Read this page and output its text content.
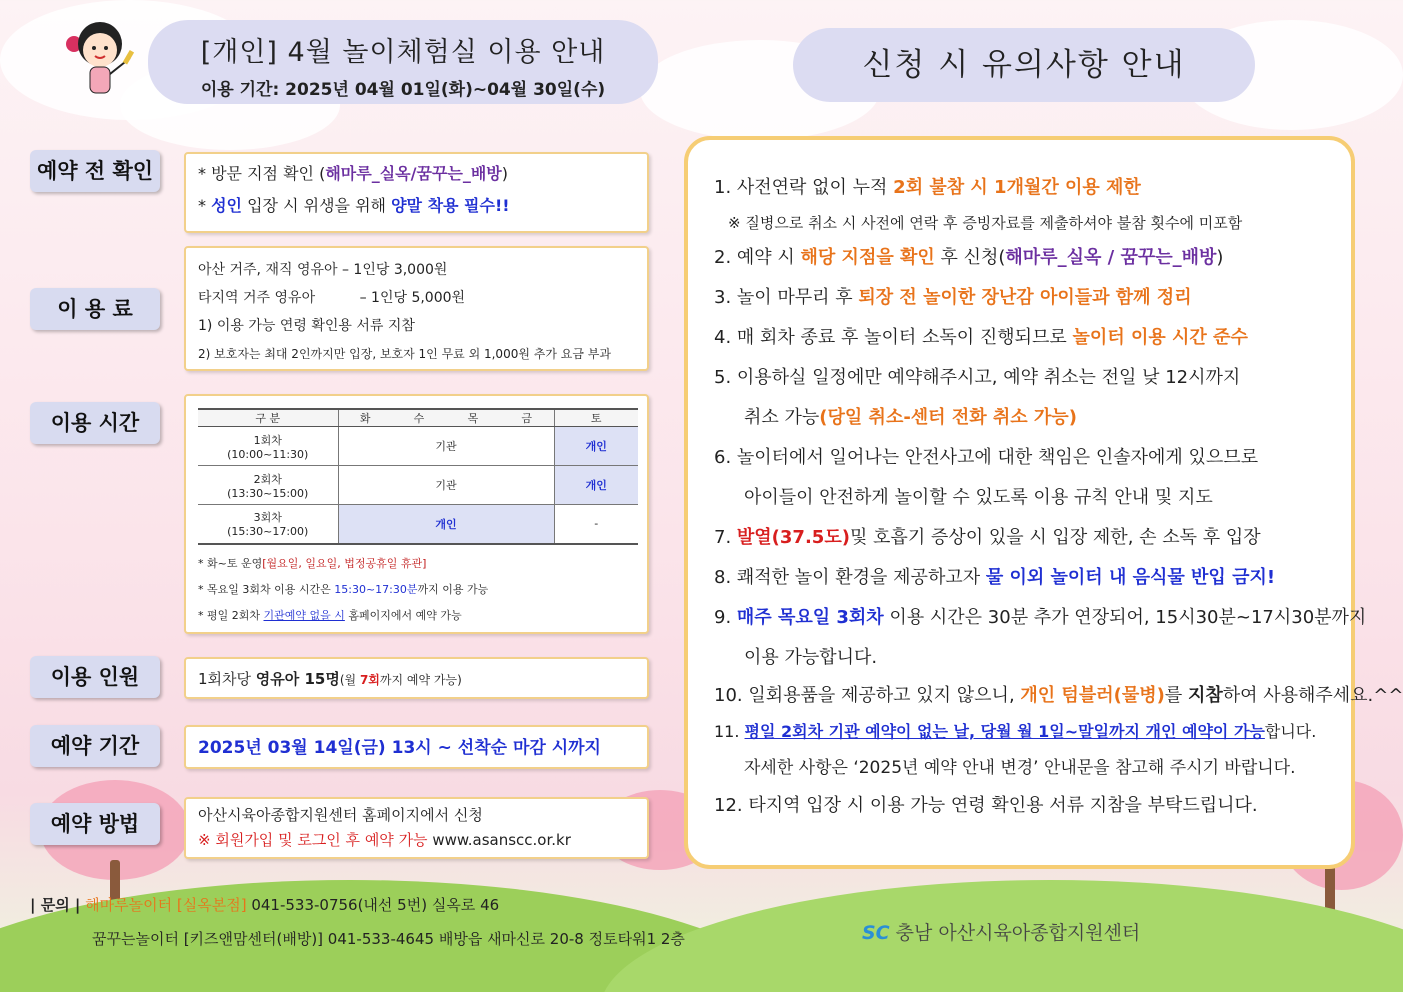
[개인] 4월 놀이체험실 이용 안내
이용 기간: 2025년 04월 01일(화)~04월 30일(수)
신청 시 유의사항 안내
예약 전 확인	* 방문 지점 확인 (해마루_실옥/꿈꾸는_배방)
* 성인 입장 시 위생을 위해 양말 착용 필수!!
이 용 료
아산 거주, 재직 영유아 – 1인당 3,000원
타지역 거주 영유아          – 1인당 5,000원
1) 이용 가능 연령 확인용 서류 지참
2) 보호자는 최대 2인까지만 입장, 보호자 1인 무료 외 1,000원 추가 요금 부과
이용 시간	구 분	화	수	목	금	토

1회차
(10:00~11:30)	기관				개인

2회차
(13:30~15:00)	기관				개인

3회차
(15:30~17:00)	개인				-
* 화~토 운영[월요일, 일요일, 법정공휴일 휴관]
* 목요일 3회차 이용 시간은 15:30~17:30분까지 이용 가능
* 평일 2회차 기관예약 없을 시 홈페이지에서 예약 가능
이용 인원	1회차당 영유아 15명(월 7회까지 예약 가능)
예약 기간	2025년 03월 14일(금) 13시 ~ 선착순 마감 시까지
예약 방법	아산시육아종합지원센터 홈페이지에서 신청
※ 회원가입 및 로그인 후 예약 가능 www.asanscc.or.kr
1. 사전연락 없이 누적 2회 불참 시 1개월간 이용 제한
※ 질병으로 취소 시 사전에 연락 후 증빙자료를 제출하셔야 불참 횟수에 미포함
2. 예약 시 해당 지점을 확인 후 신청(해마루_실옥 / 꿈꾸는_배방)
3. 놀이 마무리 후 퇴장 전 놀이한 장난감 아이들과 함께 정리
4. 매 회차 종료 후 놀이터 소독이 진행되므로 놀이터 이용 시간 준수
5. 이용하실 일정에만 예약해주시고, 예약 취소는 전일 낮 12시까지
취소 가능(당일 취소-센터 전화 취소 가능)
6. 놀이터에서 일어나는 안전사고에 대한 책임은 인솔자에게 있으므로
아이들이 안전하게 놀이할 수 있도록 이용 규칙 안내 및 지도
7. 발열(37.5도)및 호흡기 증상이 있을 시 입장 제한, 손 소독 후 입장
8. 쾌적한 놀이 환경을 제공하고자 물 이외 놀이터 내 음식물 반입 금지!
9. 매주 목요일 3회차 이용 시간은 30분 추가 연장되어, 15시30분~17시30분까지
이용 가능합니다.
10. 일회용품을 제공하고 있지 않으니, 개인 텀블러(물병)를 지참하여 사용해주세요.^^
11. 평일 2회차 기관 예약이 없는 날, 당월 월 1일~말일까지 개인 예약이 가능합니다.
자세한 사항은 ‘2025년 예약 안내 변경’ 안내문을 참고해 주시기 바랍니다.
12. 타지역 입장 시 이용 가능 연령 확인용 서류 지참을 부탁드립니다.
| 문의 | 해마루놀이터 [실옥본점] 041-533-0756(내선 5번) 실옥로 46
꿈꾸는놀이터 [키즈앤맘센터(배방)] 041-533-4645 배방읍 새마신로 20-8 정토타워1 2층	SC 충남 아산시육아종합지원센터
